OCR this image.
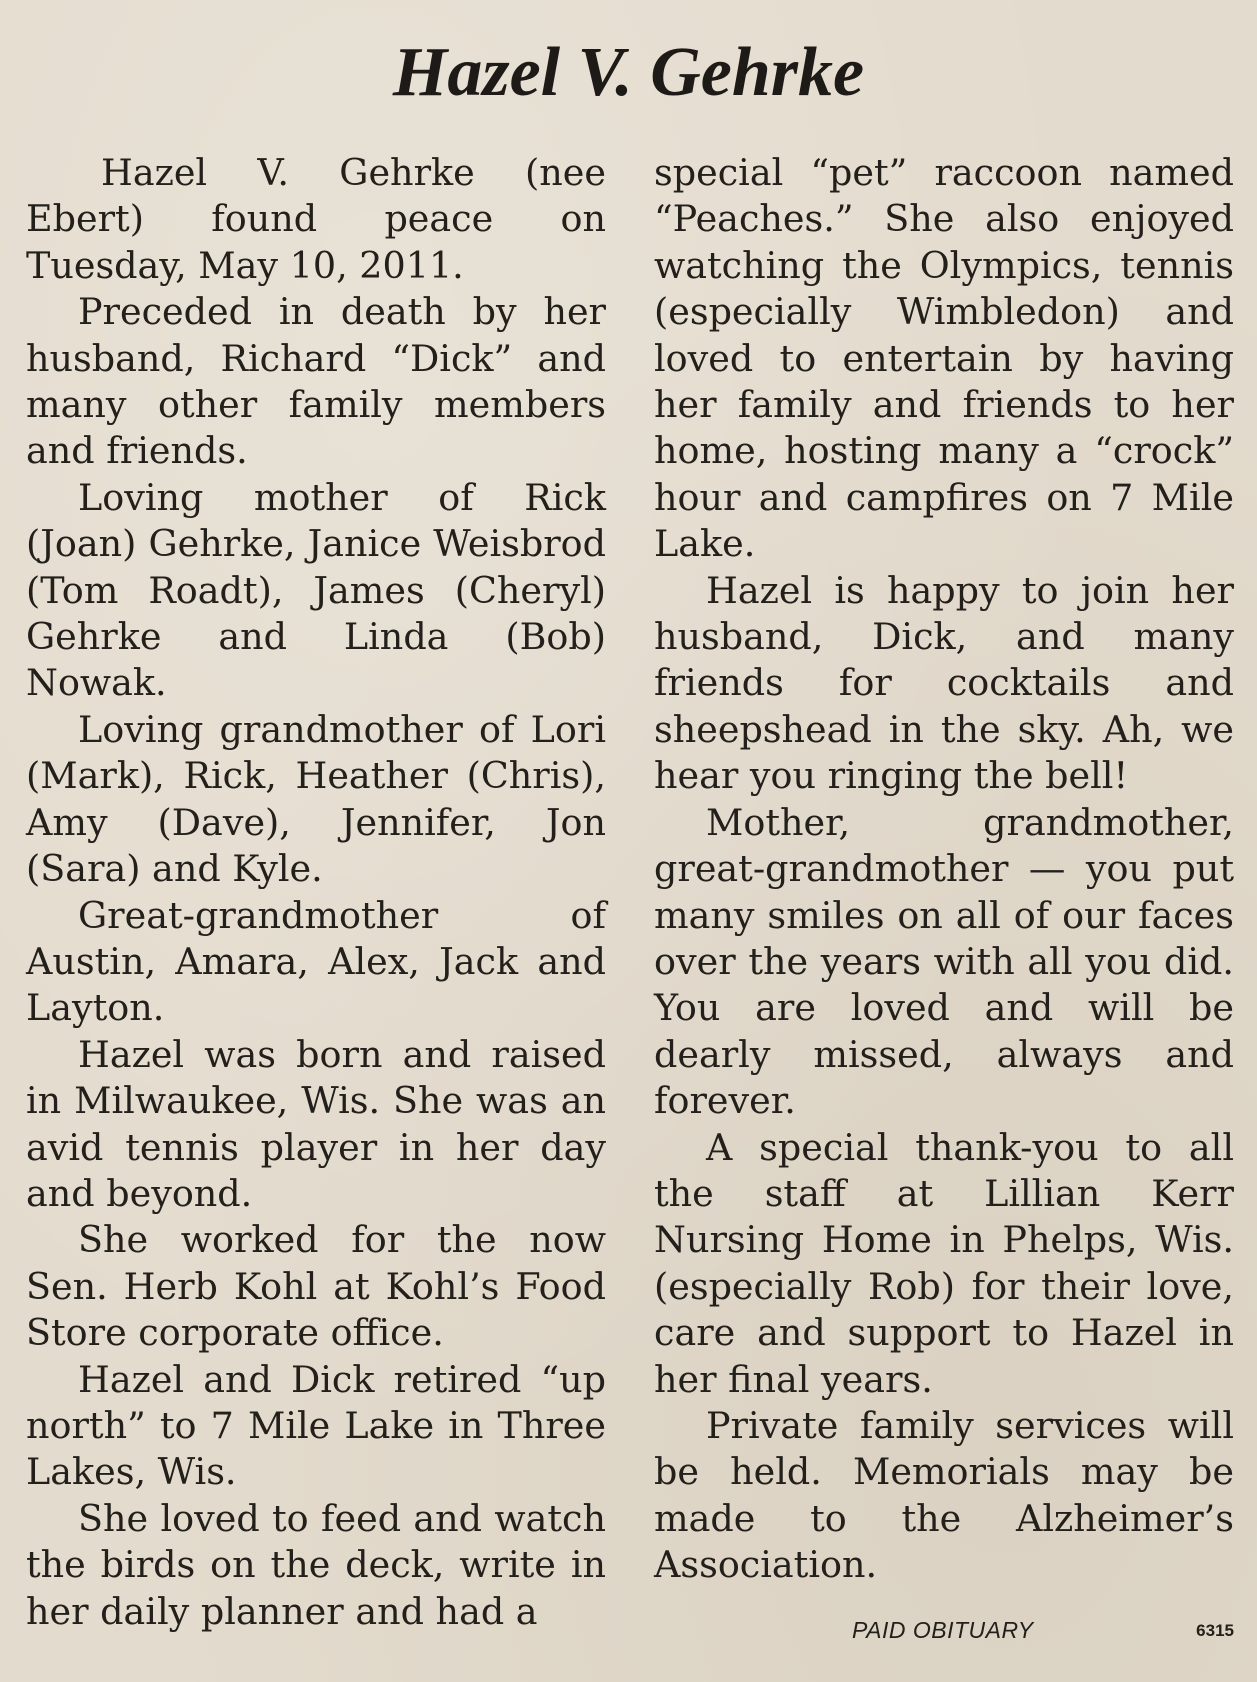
Hazel V. Gehrke

Hazel V. Gehrke (nee Ebert) found peace on Tuesday, May 10, 2011.

Preceded in death by her husband, Richard “Dick” and many other family members and friends.

Loving mother of Rick (Joan) Gehrke, Janice Weisbrod (Tom Roadt), James (Cheryl) Gehrke and Linda (Bob) Nowak.

Loving grandmother of Lori (Mark), Rick, Heather (Chris), Amy (Dave), Jennifer, Jon (Sara) and Kyle.

Great-grandmother of Austin, Amara, Alex, Jack and Layton.

Hazel was born and raised in Milwaukee, Wis. She was an avid tennis player in her day and beyond.

She worked for the now Sen. Herb Kohl at Kohl’s Food Store corporate office.

Hazel and Dick retired “up north” to 7 Mile Lake in Three Lakes, Wis.

She loved to feed and watch the birds on the deck, write in her daily planner and had a

special “pet” raccoon named “Peaches.” She also enjoyed watching the Olympics, tennis (especially Wimbledon) and loved to entertain by having her family and friends to her home, hosting many a “crock” hour and campfires on 7 Mile Lake.

Hazel is happy to join her husband, Dick, and many friends for cocktails and sheepshead in the sky. Ah, we hear you ringing the bell!

Mother, grandmother, great-grandmother — you put many smiles on all of our faces over the years with all you did. You are loved and will be dearly missed, always and forever.

A special thank-you to all the staff at Lillian Kerr Nursing Home in Phelps, Wis. (especially Rob) for their love, care and support to Hazel in her final years.

Private family services will be held. Memorials may be made to the Alzheimer’s Association.

PAID OBITUARY	6315
